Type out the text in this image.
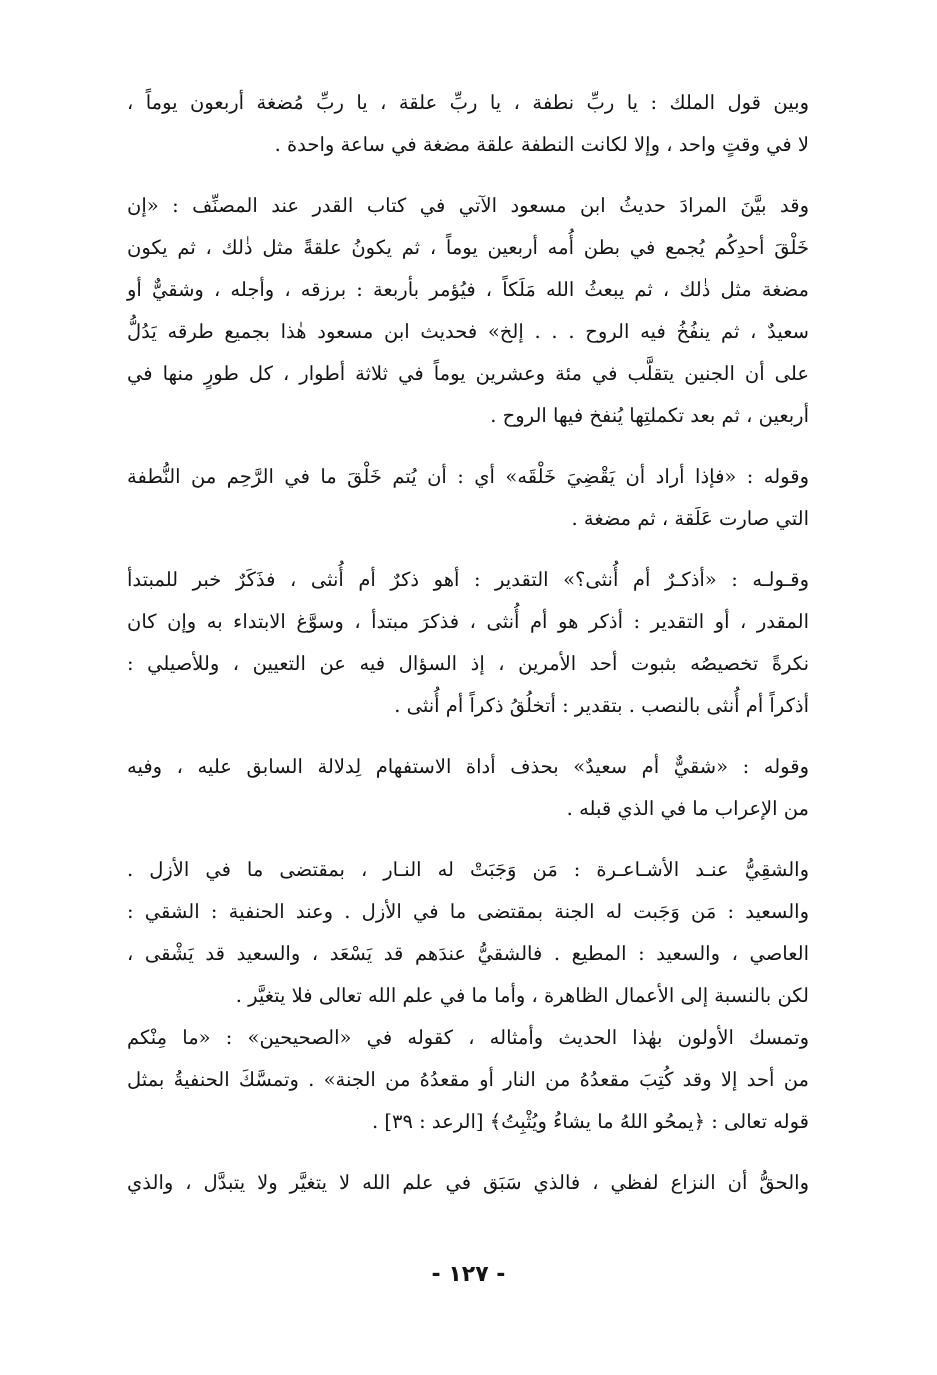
وبين قول الملك : يا ربِّ نطفة ، يا ربِّ علقة ، يا ربِّ مُضغة أربعون يوماً ،
لا في وقتٍ واحد ، وإلا لكانت النطفة علقة مضغة في ساعة واحدة .
وقد بيَّنَ المرادَ حديثُ ابن مسعود الآتي في كتاب القدر عند المصنِّف : «إن
خَلْقَ أحدِكُم يُجمع في بطن أُمه أربعين يوماً ، ثم يكونُ علقةً مثل ذٰلك ، ثم يكون
مضغة مثل ذٰلك ، ثم يبعثُ الله مَلَكاً ، فيُؤمر بأربعة : برزقه ، وأجله ، وشقيٌّ أو
سعيدٌ ، ثم ينفُخُ فيه الروح . . . إلخ» فحديث ابن مسعود هٰذا بجميع طرقه يَدُلُّ
على أن الجنين يتقلَّب في مئة وعشرين يوماً في ثلاثة أطوار ، كل طورٍ منها في
أربعين ، ثم بعد تكملتِها يُنفخ فيها الروح .
وقوله : «فإذا أراد أن يَقْضِيَ خَلْقَه» أي : أن يُتم خَلْقَ ما في الرَّحِم من النُّطفة
التي صارت عَلَقة ، ثم مضغة .
وقـولـه : «أذكـرٌ أم أُنثى؟» التقدير : أهو ذكرٌ أم أُنثى ، فذَكَرٌ خبر للمبتدأ
المقدر ، أو التقدير : أذكر هو أم أُنثى ، فذكرَ مبتدأ ، وسوَّغ الابتداء به وإن كان
نكرةً تخصيصُه بثبوت أحد الأمرين ، إذ السؤال فيه عن التعيين ، وللأصيلي :
أذكراً أم أُنثى بالنصب . بتقدير : أتخلُقُ ذكراً أم أُنثى .
وقوله : «شقيٌّ أم سعيدٌ» بحذف أداة الاستفهام لِدلالة السابق عليه ، وفيه
من الإعراب ما في الذي قبله .
والشقِيُّ عنـد الأشـاعـرة : مَن وَجَبَتْ له النـار ، بمقتضى ما في الأزل .
والسعيد : مَن وَجَبت له الجنة بمقتضى ما في الأزل . وعند الحنفية : الشقي :
العاصي ، والسعيد : المطيع . فالشقيُّ عندَهم قد يَسْعَد ، والسعيد قد يَشْقى ،
لكن بالنسبة إلى الأعمال الظاهرة ، وأما ما في علم الله تعالى فلا يتغيَّر .
وتمسك الأولون بهٰذا الحديث وأمثاله ، كقوله في «الصحيحين» : «ما مِنْكم
من أحد إلا وقد كُتِبَ مقعدُهُ من النار أو مقعدُهُ من الجنة» . وتمسَّكَ الحنفيةُ بمثل
قوله تعالى : ﴿يمحُو اللهُ ما يشاءُ ويُثْبِتُ﴾ [الرعد : ٣٩] .
والحقُّ أن النزاع لفظي ، فالذي سَبَق في علم الله لا يتغيَّر ولا يتبدَّل ، والذي
- ١٢٧ -
